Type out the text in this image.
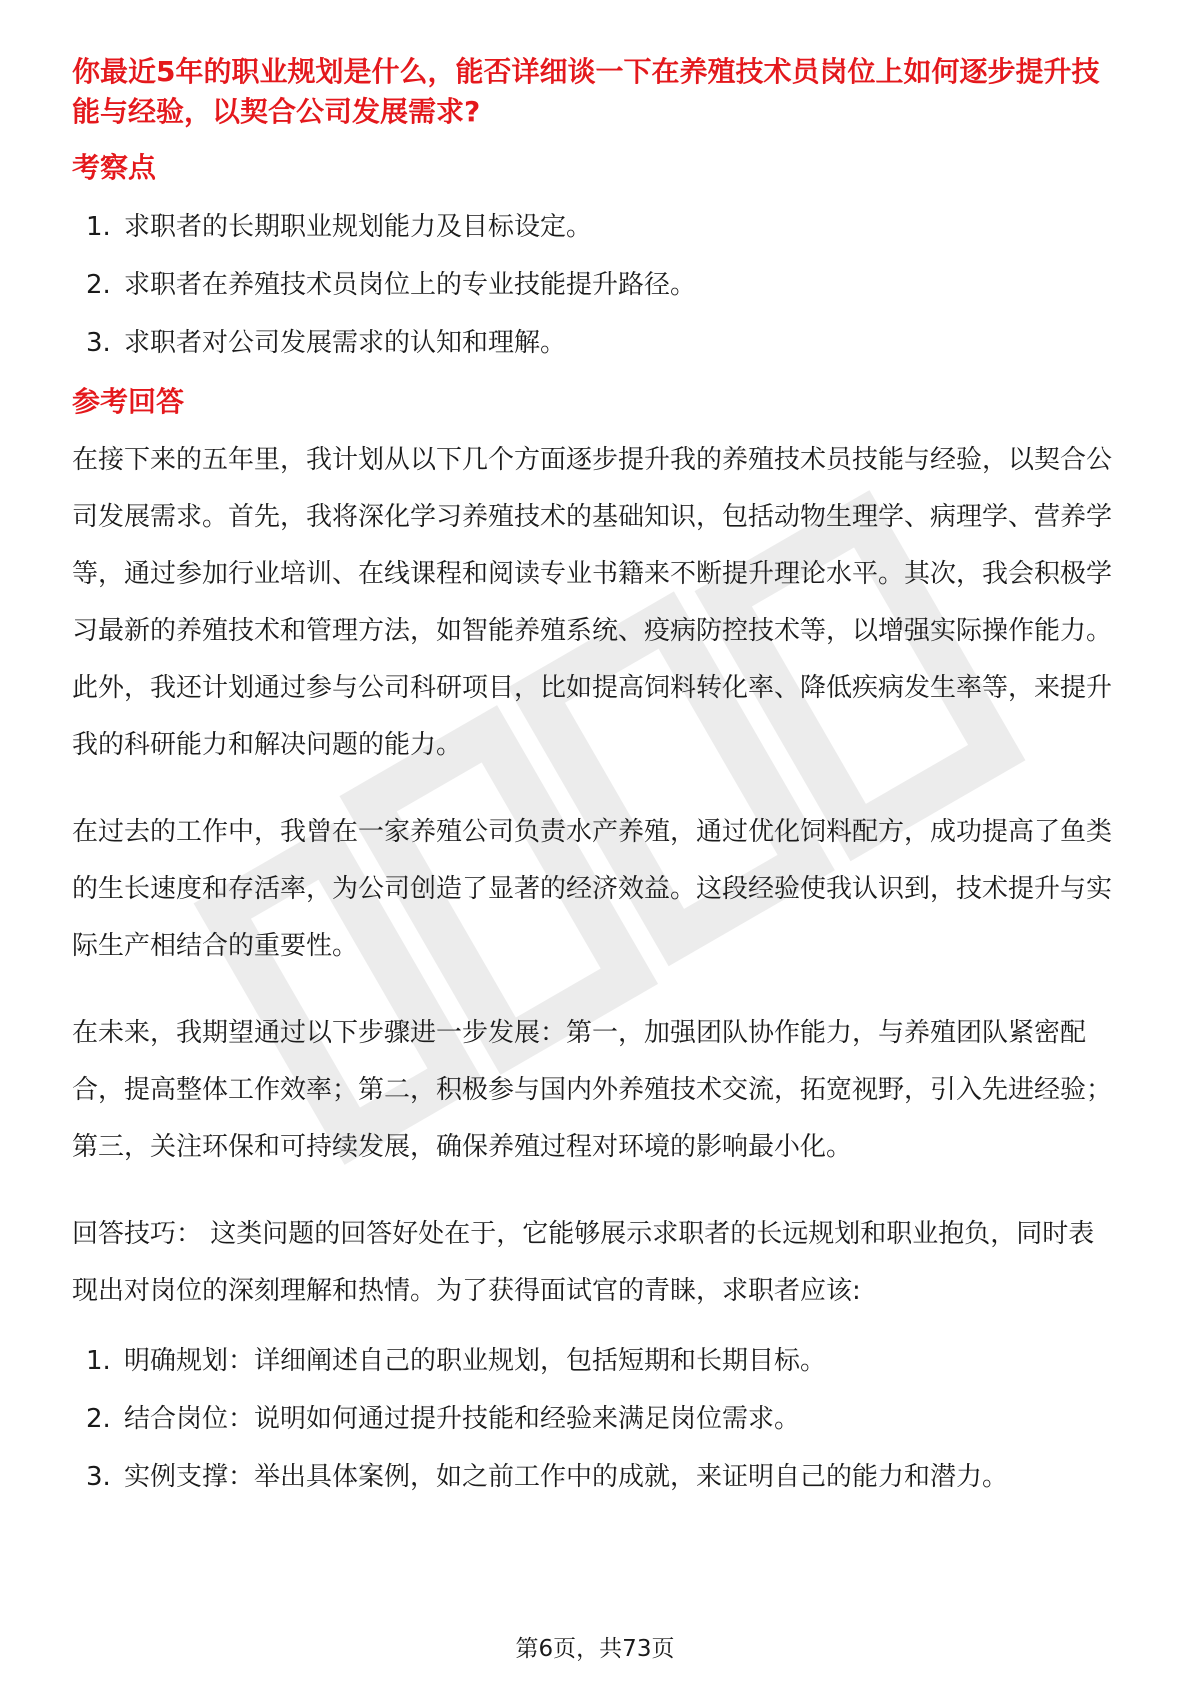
你最近5年的职业规划是什么，能否详细谈一下在养殖技术员岗位上如何逐步提升技能与经验，以契合公司发展需求?
考察点
1. 求职者的长期职业规划能力及目标设定。
2. 求职者在养殖技术员岗位上的专业技能提升路径。
3. 求职者对公司发展需求的认知和理解。
参考回答

在接下来的五年里，我计划从以下几个方面逐步提升我的养殖技术员技能与经验，以契合公司发展需求。首先，我将深化学习养殖技术的基础知识，包括动物生理学、病理学、营养学等，通过参加行业培训、在线课程和阅读专业书籍来不断提升理论水平。其次，我会积极学习最新的养殖技术和管理方法，如智能养殖系统、疫病防控技术等，以增强实际操作能力。此外，我还计划通过参与公司科研项目，比如提高饲料转化率、降低疾病发生率等，来提升我的科研能力和解决问题的能力。

在过去的工作中，我曾在一家养殖公司负责水产养殖，通过优化饲料配方，成功提高了鱼类的生长速度和存活率，为公司创造了显著的经济效益。这段经验使我认识到，技术提升与实际生产相结合的重要性。

在未来，我期望通过以下步骤进一步发展：第一，加强团队协作能力，与养殖团队紧密配合，提高整体工作效率；第二，积极参与国内外养殖技术交流，拓宽视野，引入先进经验；第三，关注环保和可持续发展，确保养殖过程对环境的影响最小化。

回答技巧： 这类问题的回答好处在于，它能够展示求职者的长远规划和职业抱负，同时表现出对岗位的深刻理解和热情。为了获得面试官的青睐，求职者应该:

1. 明确规划：详细阐述自己的职业规划，包括短期和长期目标。
2. 结合岗位：说明如何通过提升技能和经验来满足岗位需求。
3. 实例支撑：举出具体案例，如之前工作中的成就，来证明自己的能力和潜力。
第6页，共73页
